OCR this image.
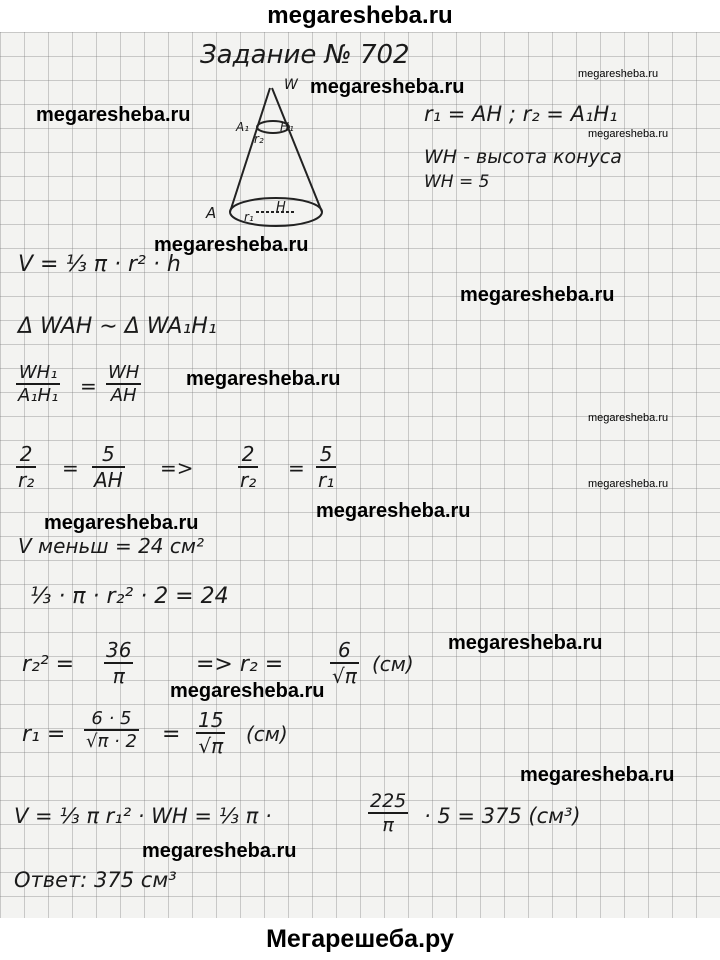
megaresheba.ru
Задание № 702
W
A₁	H₁
r₂
A r₁
H
r₁ = AH ; r₂ = A₁H₁
WH - высота конуса
WH = 5
V = ⅓ π · r² · h
Δ WAH ∼ Δ WA₁H₁
$\frac{\text{WH₁}}{\text{A₁H₁}} = \frac{WH}{AH}$
$\frac{2}{\text{r₂}} = \frac{5}{AH} => \frac{2}{\text{r₂}} = \frac{5}{\text{r₁}}$
V меньш = 24 см²
⅓ · π · r₂² · 2 = 24
$r_2^2 = \frac{36}{\pi}$	=> $r_2 = \frac{6}{√\pi} (см)$
$r_1 = \frac{6 \cdot 5}{√\pi \cdot 2} = \frac{15}{√\pi} (см)$
V = ⅓ π r₁² · WH = ⅓ π ·	$\frac{225}{\pi} \cdot 5 = 375$ (см³)
Ответ: 375 см³
megaresheba.ru
megaresheba.ru
megaresheba.ru
megaresheba.ru
megaresheba.ru
megaresheba.ru
megaresheba.ru
megaresheba.ru
megaresheba.ru
megaresheba.ru
megaresheba.ru
megaresheba.ru
megaresheba.ru
megaresheba.ru
megaresheba.ru
Мегарешеба.ру
